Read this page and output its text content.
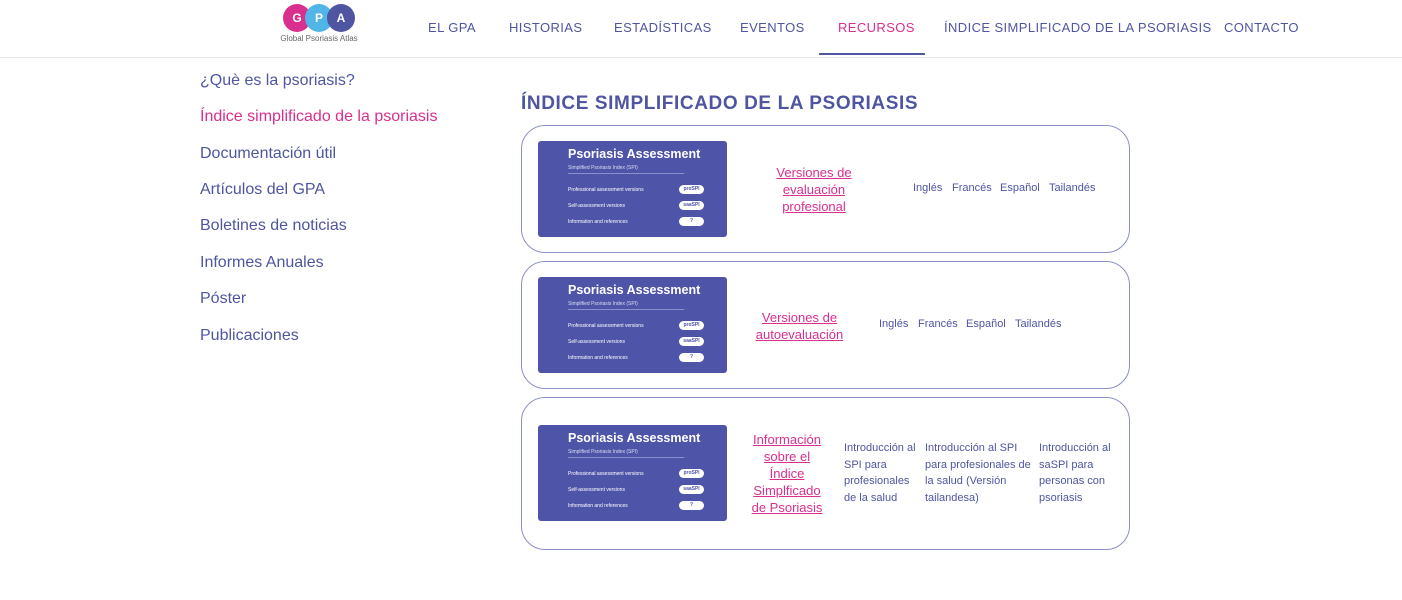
G	P	A
Global Psoriasis Atlas
EL GPA	HISTORIAS ESTADÍSTICAS EVENTOS	RECURSOS ÍNDICE SIMPLIFICADO DE LA PSORIASIS CONTACTO
¿Què es la psoriasis?
Índice simplificado de la psoriasis
Documentación útil
Artículos del GPA
Boletines de noticias
Informes Anuales
Póster
Publicaciones
ÍNDICE SIMPLIFICADO DE LA PSORIASIS
Psoriasis Assessment
Simplified Psoriasis Index (SPI)
Professional assessment versions
Self-assessment versions
Information and references
proSPI
saaSPI
?
Versiones de evaluación profesional
Inglés Francés Español Tailandés
Psoriasis Assessment
Simplified Psoriasis Index (SPI)
Professional assessment versions
Self-assessment versions
Information and references
proSPI
saaSPI
?
Versiones de autoevaluación
Inglés Francés Español Tailandés
Psoriasis Assessment
Simplified Psoriasis Index (SPI)
Professional assessment versions
Self-assessment versions
Information and references
proSPI
saaSPI
?
Información sobre el Índice Simplficado de Psoriasis
Introducción al SPI para profesionales de la salud
Introducción al SPI para profesionales de la salud (Versión tailandesa)
Introducción al saSPI para personas con psoriasis
